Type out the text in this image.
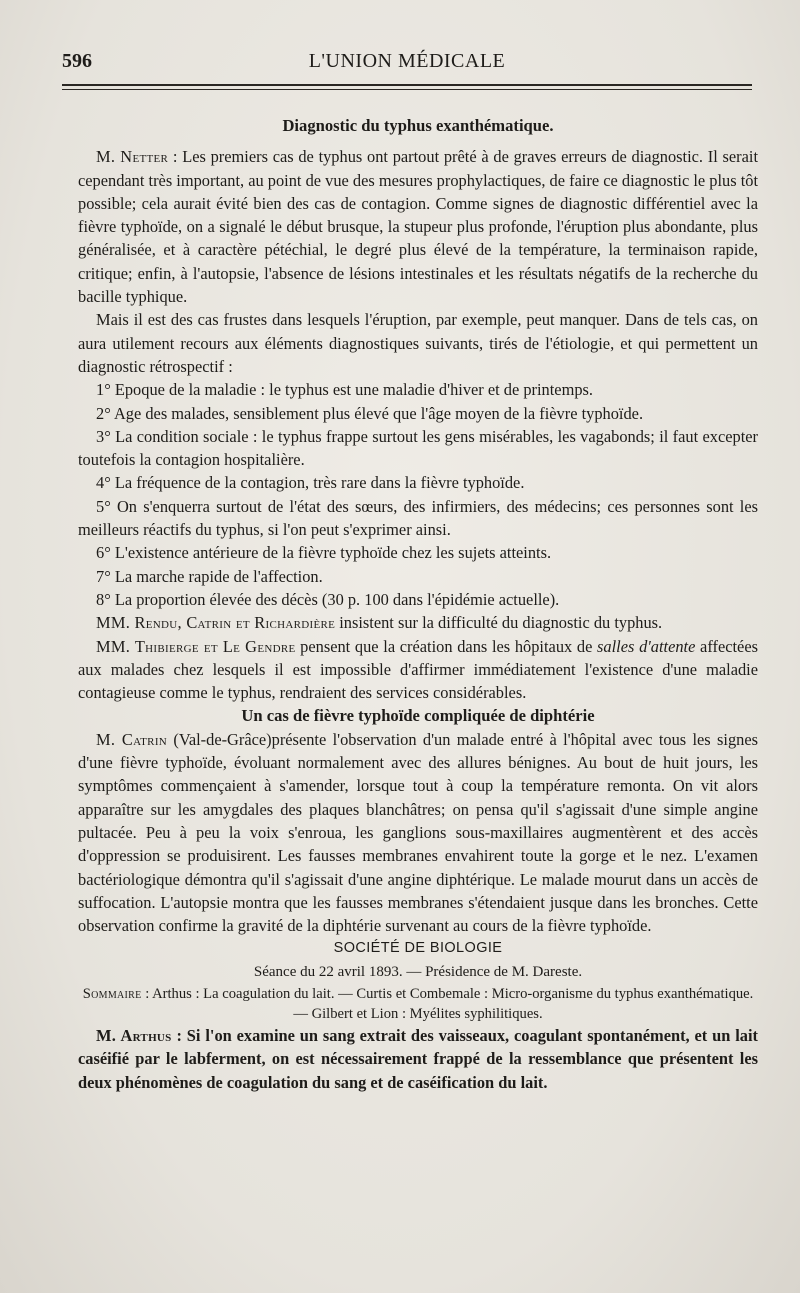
596	L'UNION MÉDICALE

Diagnostic du typhus exanthématique.

M. Netter : Les premiers cas de typhus ont partout prêté à de graves erreurs de diagnostic. Il serait cependant très important, au point de vue des mesures prophylactiques, de faire ce diagnostic le plus tôt possible; cela aurait évité bien des cas de contagion. Comme signes de diagnostic différentiel avec la fièvre typhoïde, on a signalé le début brusque, la stupeur plus profonde, l'éruption plus abondante, plus généralisée, et à caractère pétéchial, le degré plus élevé de la température, la terminaison rapide, critique; enfin, à l'autopsie, l'absence de lésions intestinales et les résultats négatifs de la recherche du bacille typhique.

Mais il est des cas frustes dans lesquels l'éruption, par exemple, peut manquer. Dans de tels cas, on aura utilement recours aux éléments diagnostiques suivants, tirés de l'étiologie, et qui permettent un diagnostic rétrospectif :

1° Epoque de la maladie : le typhus est une maladie d'hiver et de printemps.

2° Age des malades, sensiblement plus élevé que l'âge moyen de la fièvre typhoïde.

3° La condition sociale : le typhus frappe surtout les gens misérables, les vagabonds; il faut excepter toutefois la contagion hospitalière.

4° La fréquence de la contagion, très rare dans la fièvre typhoïde.

5° On s'enquerra surtout de l'état des sœurs, des infirmiers, des médecins; ces personnes sont les meilleurs réactifs du typhus, si l'on peut s'exprimer ainsi.

6° L'existence antérieure de la fièvre typhoïde chez les sujets atteints.

7° La marche rapide de l'affection.

8° La proportion élevée des décès (30 p. 100 dans l'épidémie actuelle).

MM. Rendu, Catrin et Richardière insistent sur la difficulté du diagnostic du typhus.

MM. Thibierge et Le Gendre pensent que la création dans les hôpitaux de salles d'attente affectées aux malades chez lesquels il est impossible d'affirmer immédiatement l'existence d'une maladie contagieuse comme le typhus, rendraient des services considérables.

Un cas de fièvre typhoïde compliquée de diphtérie

M. Catrin (Val-de-Grâce)présente l'observation d'un malade entré à l'hôpital avec tous les signes d'une fièvre typhoïde, évoluant normalement avec des allures bénignes. Au bout de huit jours, les symptômes commençaient à s'amender, lorsque tout à coup la température remonta. On vit alors apparaître sur les amygdales des plaques blanchâtres; on pensa qu'il s'agissait d'une simple angine pultacée. Peu à peu la voix s'enroua, les ganglions sous-maxillaires augmentèrent et des accès d'oppression se produisirent. Les fausses membranes envahirent toute la gorge et le nez. L'examen bactériologique démontra qu'il s'agissait d'une angine diphtérique. Le malade mourut dans un accès de suffocation. L'autopsie montra que les fausses membranes s'étendaient jusque dans les bronches. Cette observation confirme la gravité de la diphtérie survenant au cours de la fièvre typhoïde.

SOCIÉTÉ DE BIOLOGIE

Séance du 22 avril 1893. — Présidence de M. Dareste.

Sommaire : Arthus : La coagulation du lait. — Curtis et Combemale : Micro-organisme du typhus exanthématique. — Gilbert et Lion : Myélites syphilitiques.

M. Arthus : Si l'on examine un sang extrait des vaisseaux, coagulant spontanément, et un lait caséifié par le labferment, on est nécessairement frappé de la ressemblance que présentent les deux phénomènes de coagulation du sang et de caséification du lait.
